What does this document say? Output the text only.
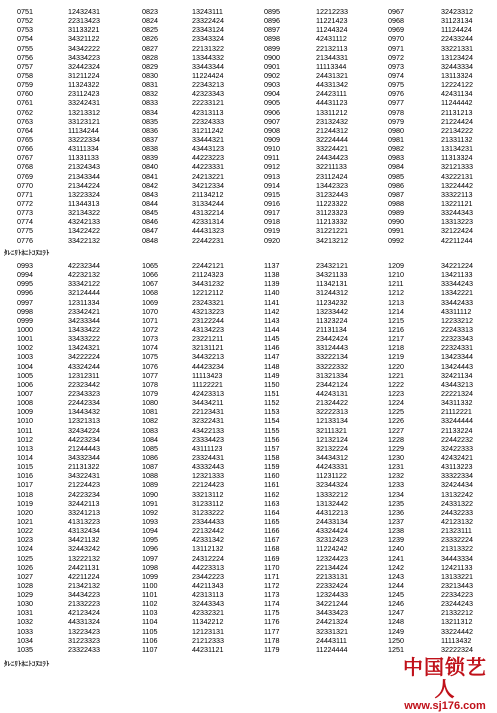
0751
0752
0753
0754
0755
0756
0757
0758
0759
0760
0761
0762
0763
0764
0765
0766
0767
0768
0769
0770
0771
0772
0773
0774
0775
0776
12432431
22313423
31133221
34321122
34342222
34334223
32442324
31211224
11324322
23112423
33242431
13213312
33123121
11134244
33222334
43111334
11331133
21324343
21343344
21344224
13223324
11344313
32134322
43242133
13422422
33422132
0823
0824
0825
0826
0827
0828
0829
0830
0831
0832
0833
0834
0835
0836
0837
0838
0839
0840
0841
0842
0843
0844
0845
0846
0847
0848
13243111
23322424
23343124
23343324
22131322
13344332
33443344
11224424
22343213
42323343
22233121
42313113
22324333
31211242
33444321
43443123
44223223
44223331
24213221
34212334
21134212
31334244
43132214
42331314
44431323
22442231
0895
0896
0897
0898
0899
0900
0901
0902
0903
0904
0905
0906
0907
0908
0909
0910
0911
0912
0913
0914
0915
0916
0917
0918
0919
0920
12212233
11221423
11244324
42431112
22132113
21344331
11113344
24431321
44331342
24423111
44431123
13311212
23132432
21244312
32224444
33224421
24434423
32211133
23112424
13442323
31232443
11223322
31123323
11213332
31221221
34213212
0967
0968
0969
0970
0971
0972
0973
0974
0975
0976
0977
0978
0979
0980
0981
0982
0983
0984
0985
0986
0987
0988
0989
0990
0991
0992
32423312
31123134
11124424
22433244
33221331
13123424
32443334
13113324
12224122
42431134
11244442
21131213
21224424
22134222
21331132
13134231
11313324
32121333
43222131
13224442
33322113
13221121
33244343
13313223
32122424
42211244
ﾀﾚﾆﾘﾄﾎﾆﾄｺﾇﾕﾗﾄ
0993
0994
0995
0996
0997
0998
0999
1000
1001
1002
1003
1004
1005
1006
1007
1008
1009
1010
1011
1012
1013
1014
1015
1016
1017
1018
1019
1020
1021
1022
1023
1024
1025
1026
1027
1028
1029
1030
1031
1032
1033
1034
1035
42232344
42232132
33342122
32124444
12311334
23342421
34233344
13433422
33433222
13424321
34222224
43324244
12312311
22323442
22343323
22442334
13443432
12321313
32434224
44223234
21244443
34332344
21131322
34322431
21224423
24223234
32442113
33241213
41313223
43132434
34421132
32443242
13222132
24421131
42211224
21342132
34434223
21332223
42123424
44331324
13223423
31223323
23322433
1065
1066
1067
1068
1069
1070
1071
1072
1073
1074
1075
1076
1077
1078
1079
1080
1081
1082
1083
1084
1085
1086
1087
1088
1089
1090
1091
1092
1093
1094
1095
1096
1097
1098
1099
1100
1101
1102
1103
1104
1105
1106
1107
22442121
21124323
34431232
12212112
23243321
43213223
23122244
43134223
23221211
32131121
34432213
44423234
11113423
11122221
42423313
34434211
22123431
32322431
43422133
23334423
43111123
23324431
43332443
12321333
22124423
33213112
31233112
31233222
23344433
22132442
42331342
13112132
24312224
44223313
23442223
44211343
42313113
32443343
42332321
11342212
12123131
21212333
44231121
1137
1138
1139
1140
1141
1142
1143
1144
1145
1146
1147
1148
1149
1150
1151
1152
1153
1154
1155
1156
1157
1158
1159
1160
1161
1162
1163
1164
1165
1166
1167
1168
1169
1170
1171
1172
1173
1174
1175
1176
1177
1178
1179
23432121
34321133
11342131
31244312
11234232
13233442
11323224
21131134
23442424
33124443
33222134
33222332
31321334
23442124
44243131
21324422
32222313
12133134
32111321
12132124
32132224
34434312
44243331
11231122
32344324
13332212
13132442
44312213
24433134
43324424
32312423
11224242
12324423
22134424
22133131
22332424
12324433
34221244
34433423
24421324
32331321
24443111
11224444
1209
1210
1211
1212
1213
1214
1215
1216
1217
1218
1219
1220
1221
1222
1223
1224
1225
1226
1227
1228
1229
1230
1231
1232
1233
1234
1235
1236
1237
1238
1239
1240
1241
1242
1243
1244
1245
1246
1247
1248
1249
1250
1251
34221224
13421133
33344243
13342221
33442433
43311112
12233212
22243313
22323343
22324331
13423344
13424443
32421134
43443213
22221324
34311332
21112221
33244444
21133224
22442232
32422333
42432421
43113223
33322334
32424434
13132242
24331322
24432233
42123132
21323111
23332224
21313322
34443334
12421133
13133221
23213443
22334223
23244243
21332212
13211312
33224442
11113432
32222324
ﾀﾚﾆﾘﾄﾎﾆﾄｺﾇﾕﾗﾄ	中国锁艺人
www.sj176.com
